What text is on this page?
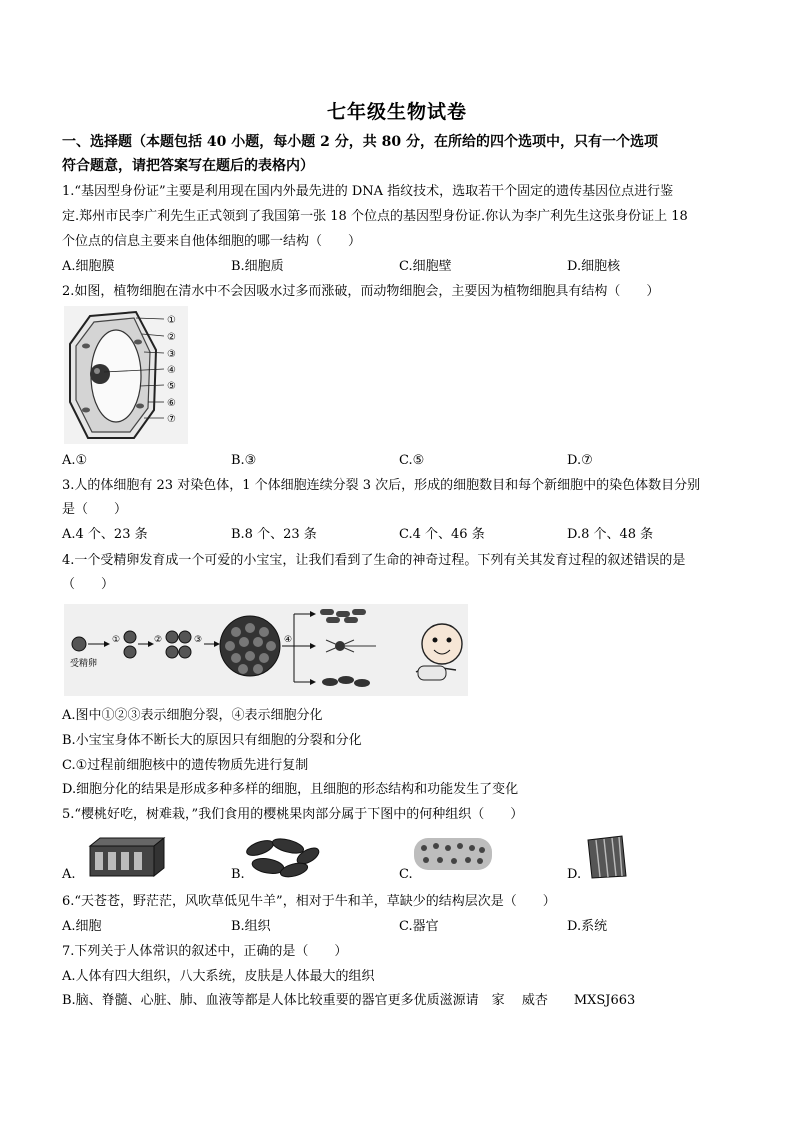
七年级生物试卷
一、选择题（本题包括 40 小题，每小题 2 分，共 80 分，在所给的四个选项中，只有一个选项
符合题意，请把答案写在题后的表格内）
1.“基因型身份证”主要是利用现在国内外最先进的 DNA 指纹技术，选取若干个固定的遗传基因位点进行鉴
定.郑州市民李广利先生正式领到了我国第一张 18 个位点的基因型身份证.你认为李广利先生这张身份证上 18
个位点的信息主要来自他体细胞的哪一结构（　　）
A.细胞膜	B.细胞质	C.细胞壁	D.细胞核
2.如图，植物细胞在清水中不会因吸水过多而涨破，而动物细胞会，主要因为植物细胞具有结构（　　）
①
②
③
④
⑤
⑥
⑦
A.①	B.③	C.⑤	D.⑦
3.人的体细胞有 23 对染色体，1 个体细胞连续分裂 3 次后，形成的细胞数目和每个新细胞中的染色体数目分别
是（　　）
A.4 个、23 条	B.8 个、23 条	C.4 个、46 条	D.8 个、48 条
4.一个受精卵发育成一个可爱的小宝宝，让我们看到了生命的神奇过程。下列有关其发育过程的叙述错误的是
（　　）
受精卵
①	②	③	④
A.图中①②③表示细胞分裂，④表示细胞分化
B.小宝宝身体不断长大的原因只有细胞的分裂和分化
C.①过程前细胞核中的遗传物质先进行复制
D.细胞分化的结果是形成多种多样的细胞，且细胞的形态结构和功能发生了变化
5.“樱桃好吃，树难栽，”我们食用的樱桃果肉部分属于下图中的何种组织（　　）
A.	B.	C.	D.
6.“天苍苍，野茫茫，风吹草低见牛羊”，相对于牛和羊，草缺少的结构层次是（　　）
A.细胞	B.组织	C.器官	D.系统
7.下列关于人体常识的叙述中，正确的是（　　）
A.人体有四大组织，八大系统，皮肤是人体最大的组织
B.脑、脊髓、心脏、肺、血液等都是人体比较重要的器官更多优质滋源请　家　 威杏　　MXSJ663
